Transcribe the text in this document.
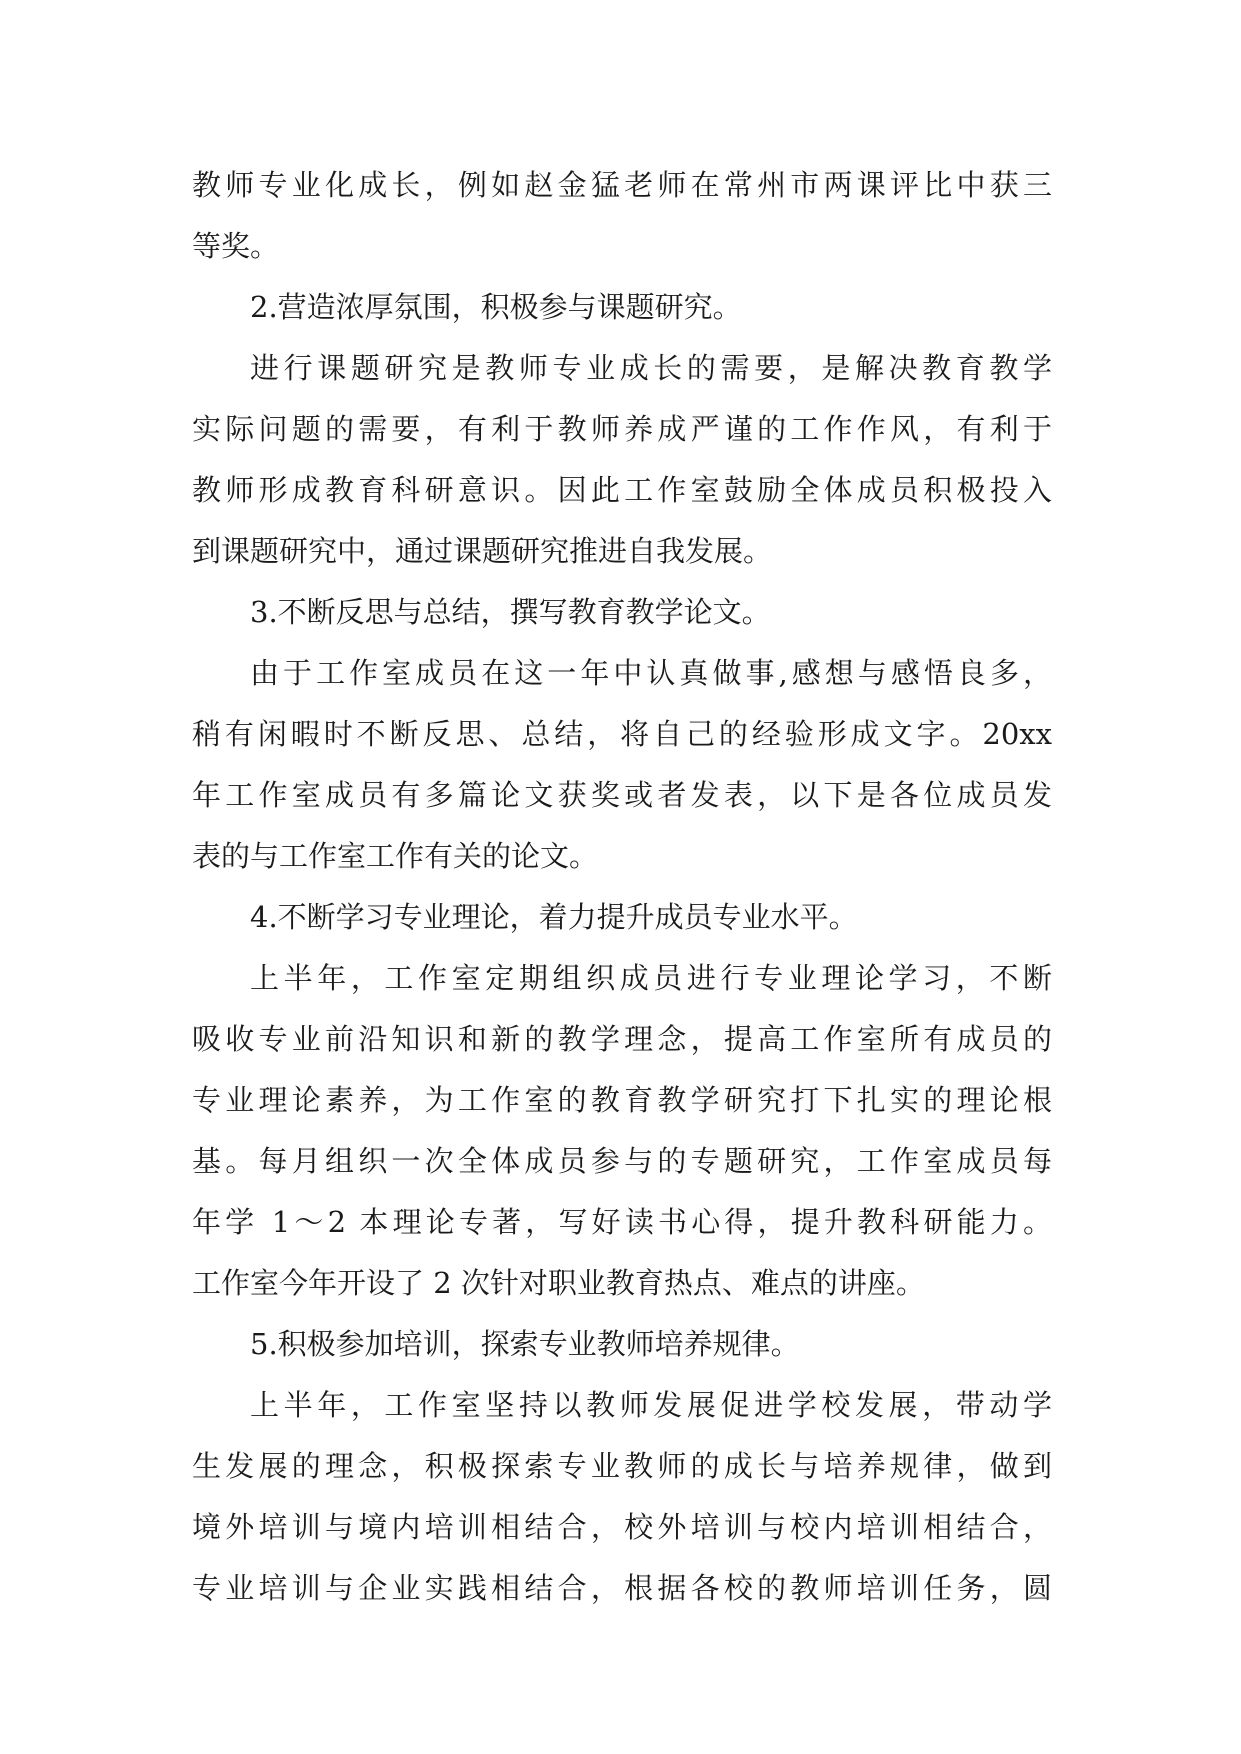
教师专业化成长，例如赵金猛老师在常州市两课评比中获三
等奖。
2.营造浓厚氛围，积极参与课题研究。
进行课题研究是教师专业成长的需要，是解决教育教学
实际问题的需要，有利于教师养成严谨的工作作风，有利于
教师形成教育科研意识。因此工作室鼓励全体成员积极投入
到课题研究中，通过课题研究推进自我发展。
3.不断反思与总结，撰写教育教学论文。
由于工作室成员在这一年中认真做事,感想与感悟良多，
稍有闲暇时不断反思、总结，将自己的经验形成文字。20xx
年工作室成员有多篇论文获奖或者发表，以下是各位成员发
表的与工作室工作有关的论文。
4.不断学习专业理论，着力提升成员专业水平。
上半年，工作室定期组织成员进行专业理论学习，不断
吸收专业前沿知识和新的教学理念，提高工作室所有成员的
专业理论素养，为工作室的教育教学研究打下扎实的理论根
基。每月组织一次全体成员参与的专题研究，工作室成员每
年学 1～2 本理论专著，写好读书心得，提升教科研能力。
工作室今年开设了 2 次针对职业教育热点、难点的讲座。
5.积极参加培训，探索专业教师培养规律。
上半年，工作室坚持以教师发展促进学校发展，带动学
生发展的理念，积极探索专业教师的成长与培养规律，做到
境外培训与境内培训相结合，校外培训与校内培训相结合，
专业培训与企业实践相结合，根据各校的教师培训任务，圆
